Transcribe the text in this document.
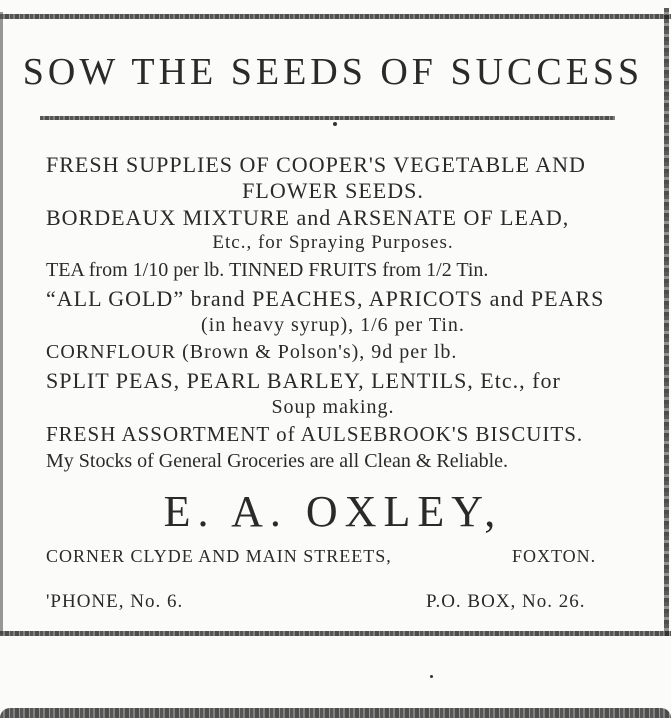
SOW THE SEEDS OF SUCCESS
FRESH SUPPLIES OF COOPER'S VEGETABLE AND
FLOWER SEEDS.
BORDEAUX MIXTURE and ARSENATE OF LEAD,
Etc., for Spraying Purposes.
TEA from 1/10 per lb. TINNED FRUITS from 1/2 Tin.
“ALL GOLD” brand PEACHES, APRICOTS and PEARS
(in heavy syrup), 1/6 per Tin.
CORNFLOUR (Brown & Polson's), 9d per lb.
SPLIT PEAS, PEARL BARLEY, LENTILS, Etc., for
Soup making.
FRESH ASSORTMENT of AULSEBROOK'S BISCUITS.
My Stocks of General Groceries are all Clean & Reliable.
E. A. OXLEY,
CORNER CLYDE AND MAIN STREETS,	FOXTON.
'PHONE, No. 6.	P.O. BOX, No. 26.
